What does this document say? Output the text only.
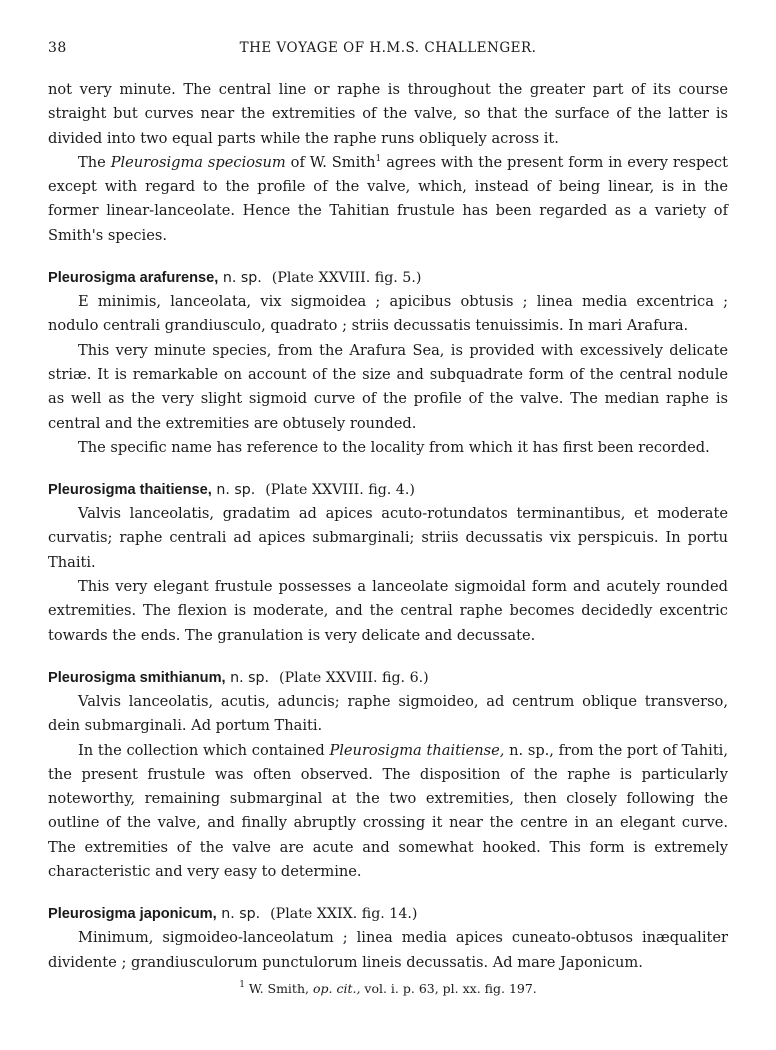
38	THE VOYAGE OF H.M.S. CHALLENGER.

not very minute. The central line or raphe is throughout the greater part of its course straight but curves near the extremities of the valve, so that the surface of the latter is divided into two equal parts while the raphe runs obliquely across it.

The Pleurosigma speciosum of W. Smith$^1$ agrees with the present form in every respect except with regard to the profile of the valve, which, instead of being linear, is in the former linear-lanceolate. Hence the Tahitian frustule has been regarded as a variety of Smith's species.

Pleurosigma arafurense, n. sp. (Plate XXVIII. fig. 5.)

E minimis, lanceolata, vix sigmoidea ; apicibus obtusis ; linea media excentrica ; nodulo centrali grandiusculo, quadrato ; striis decussatis tenuissimis. In mari Arafura.

This very minute species, from the Arafura Sea, is provided with excessively delicate striæ. It is remarkable on account of the size and subquadrate form of the central nodule as well as the very slight sigmoid curve of the profile of the valve. The median raphe is central and the extremities are obtusely rounded.

The specific name has reference to the locality from which it has first been recorded.

Pleurosigma thaitiense, n. sp. (Plate XXVIII. fig. 4.)

Valvis lanceolatis, gradatim ad apices acuto-rotundatos terminantibus, et moderate curvatis; raphe centrali ad apices submarginali; striis decussatis vix perspicuis. In portu Thaiti.

This very elegant frustule possesses a lanceolate sigmoidal form and acutely rounded extremities. The flexion is moderate, and the central raphe becomes decidedly excentric towards the ends. The granulation is very delicate and decussate.

Pleurosigma smithianum, n. sp. (Plate XXVIII. fig. 6.)

Valvis lanceolatis, acutis, aduncis; raphe sigmoideo, ad centrum oblique transverso, dein submarginali. Ad portum Thaiti.

In the collection which contained Pleurosigma thaitiense, n. sp., from the port of Tahiti, the present frustule was often observed. The disposition of the raphe is particularly noteworthy, remaining submarginal at the two extremities, then closely following the outline of the valve, and finally abruptly crossing it near the centre in an elegant curve. The extremities of the valve are acute and somewhat hooked. This form is extremely characteristic and very easy to determine.

Pleurosigma japonicum, n. sp. (Plate XXIX. fig. 14.)

Minimum, sigmoideo-lanceolatum ; linea media apices cuneato-obtusos inæqualiter dividente ; grandiusculorum punctulorum lineis decussatis. Ad mare Japonicum.

$^1$ W. Smith, op. cit., vol. i. p. 63, pl. xx. fig. 197.
